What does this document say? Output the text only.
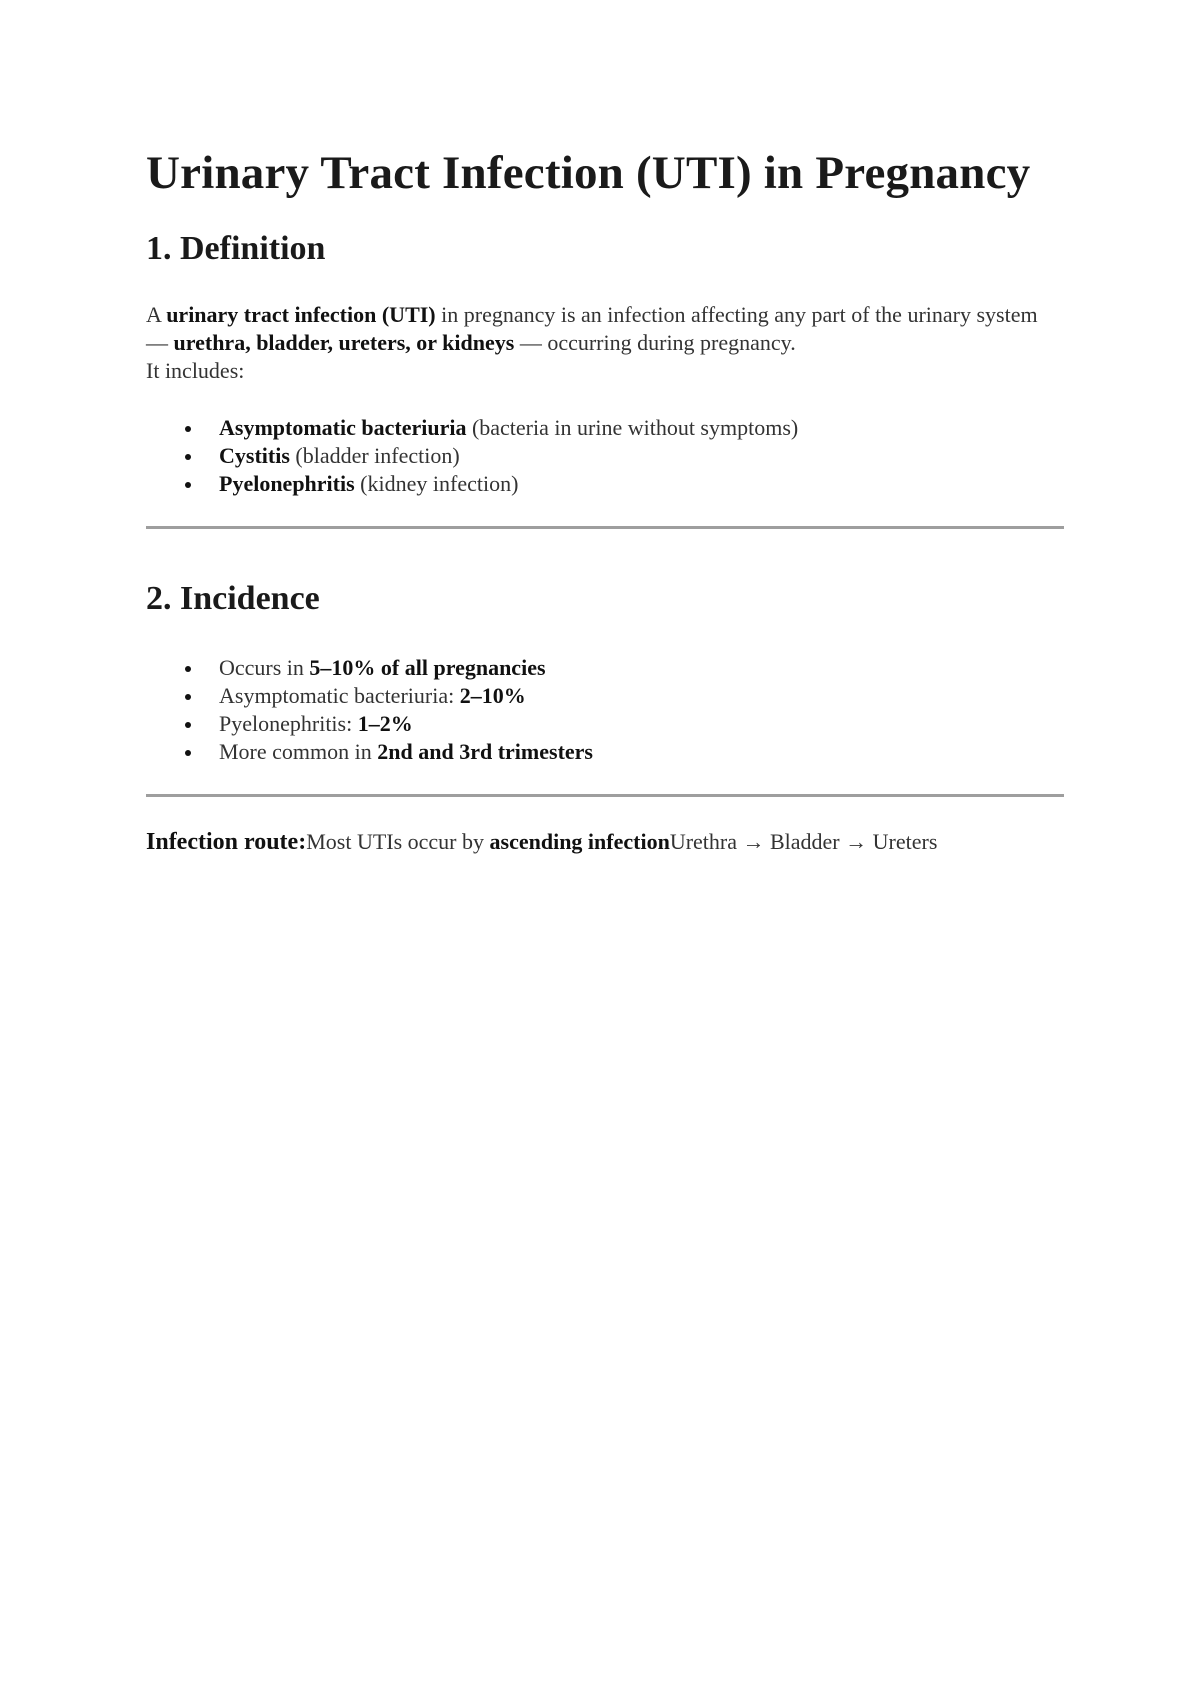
Urinary Tract Infection (UTI) in Pregnancy
1. Definition
A urinary tract infection (UTI) in pregnancy is an infection affecting any part of the urinary system — urethra, bladder, ureters, or kidneys — occurring during pregnancy.
It includes:
Asymptomatic bacteriuria (bacteria in urine without symptoms)
Cystitis (bladder infection)
Pyelonephritis (kidney infection)
2. Incidence
Occurs in 5–10% of all pregnancies
Asymptomatic bacteriuria: 2–10%
Pyelonephritis: 1–2%
More common in 2nd and 3rd trimesters
Infection route:Most UTIs occur by ascending infectionUrethra → Bladder → Ureters
